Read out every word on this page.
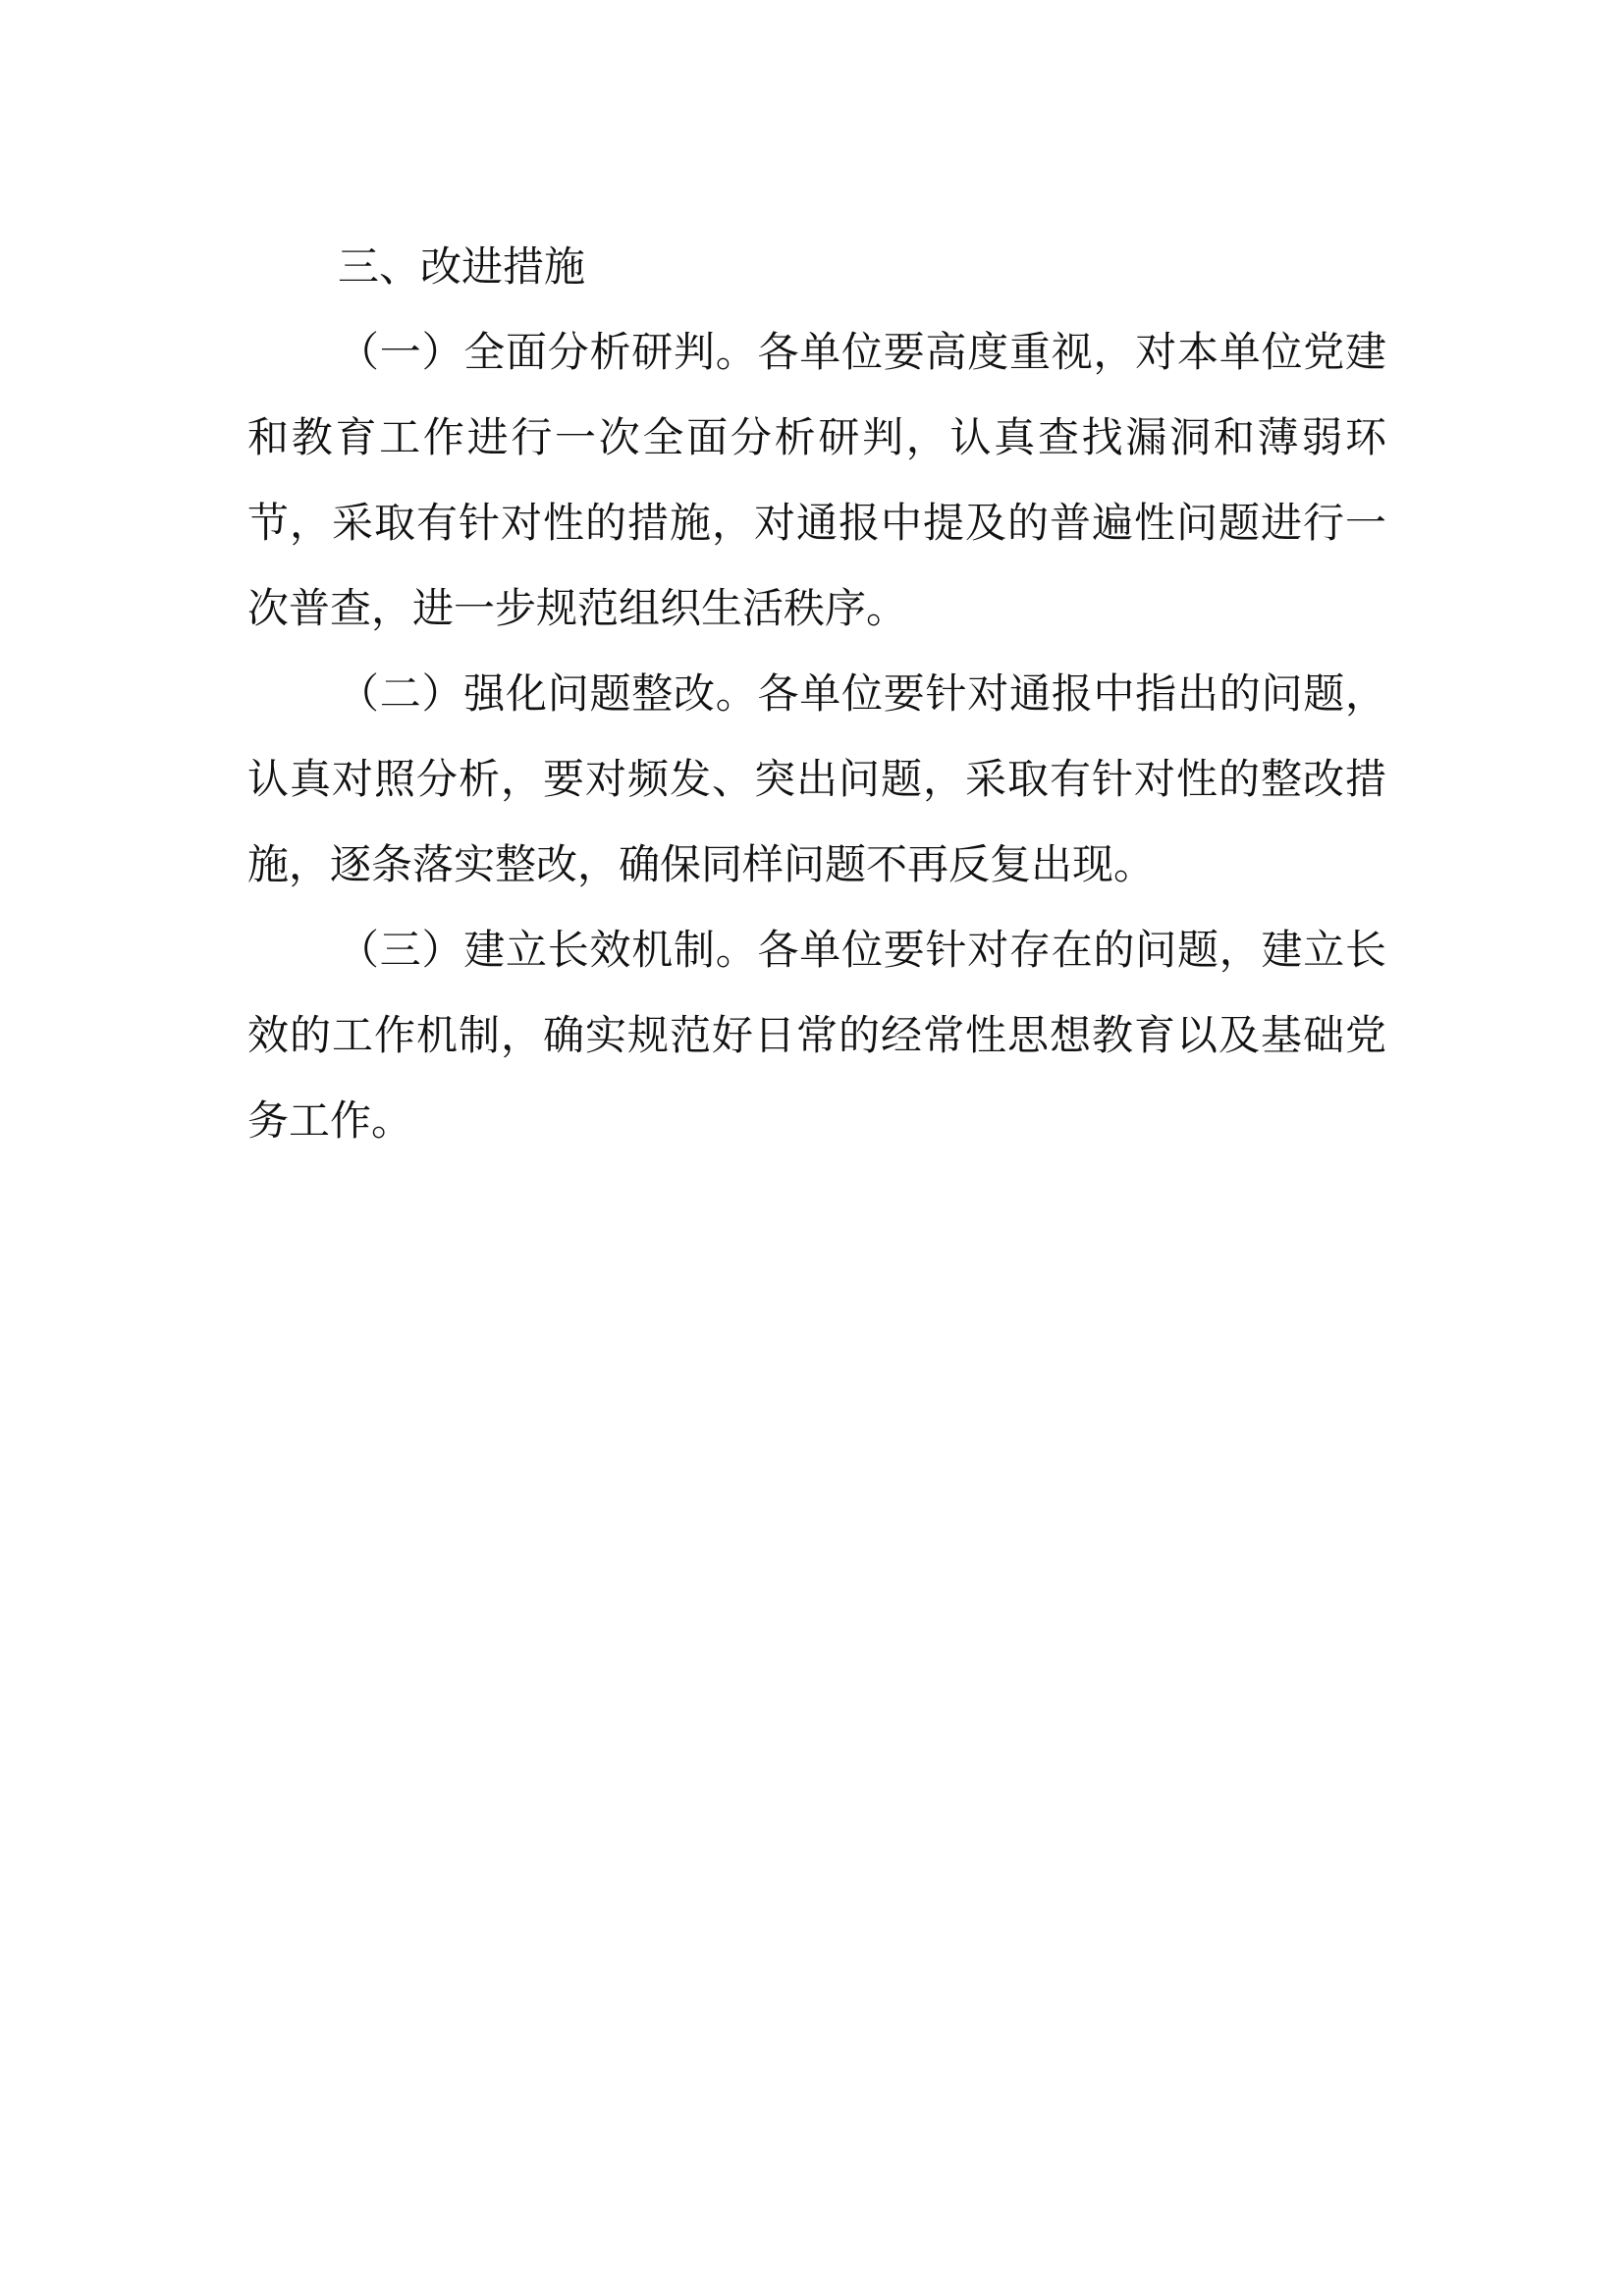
三、改进措施

（一）全面分析研判。各单位要高度重视，对本单位党建和教育工作进行一次全面分析研判，认真查找漏洞和薄弱环节，采取有针对性的措施，对通报中提及的普遍性问题进行一次普查，进一步规范组织生活秩序。

（二）强化问题整改。各单位要针对通报中指出的问题，认真对照分析，要对频发、突出问题，采取有针对性的整改措施，逐条落实整改，确保同样问题不再反复出现。

（三）建立长效机制。各单位要针对存在的问题，建立长效的工作机制，确实规范好日常的经常性思想教育以及基础党务工作。
